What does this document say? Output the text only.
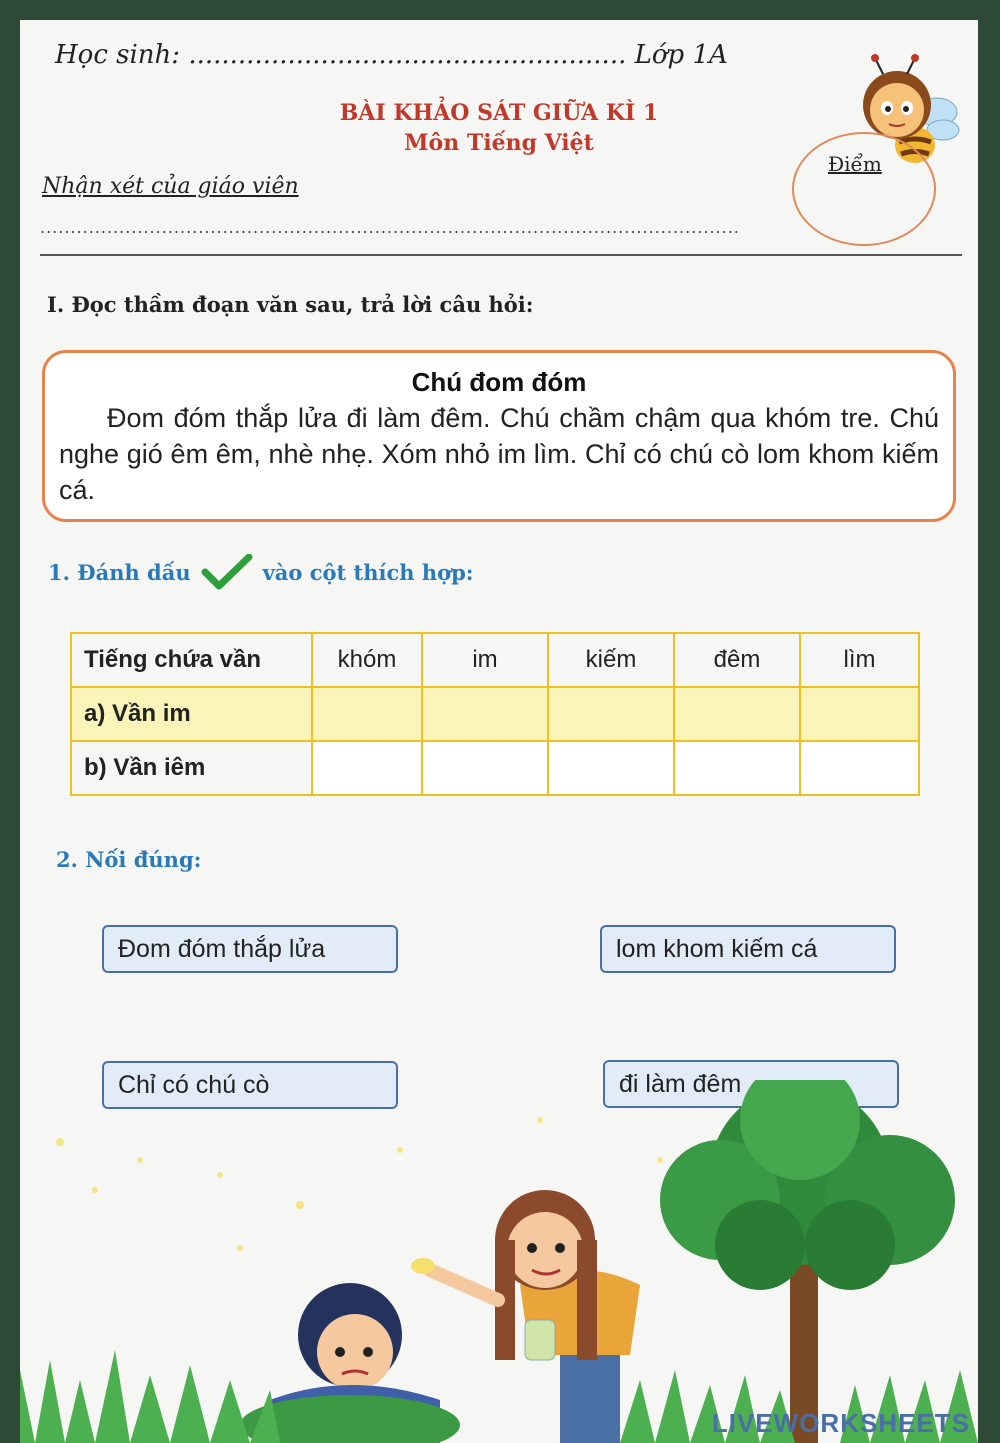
Học sinh: ..................................................... Lớp 1A
BÀI KHẢO SÁT GIỮA KÌ 1
Môn Tiếng Việt
Điểm
Nhận xét của giáo viên
...................................................................................................................
I. Đọc thầm đoạn văn sau, trả lời câu hỏi:
Chú đom đóm
Đom đóm thắp lửa đi làm đêm. Chú chầm chậm qua khóm tre. Chú nghe gió êm êm, nhè nhẹ. Xóm nhỏ im lìm. Chỉ có chú cò lom khom kiếm cá.
1. Đánh dấu	vào cột thích hợp:
Tiếng chứa vần	khóm	im	kiếm	đêm	lìm
a) Vần im					
b) Vần iêm					
2. Nối đúng:
Đom đóm thắp lửa	lom khom kiếm cá
Chỉ có chú cò	đi làm đêm
LIVEWORKSHEETS
